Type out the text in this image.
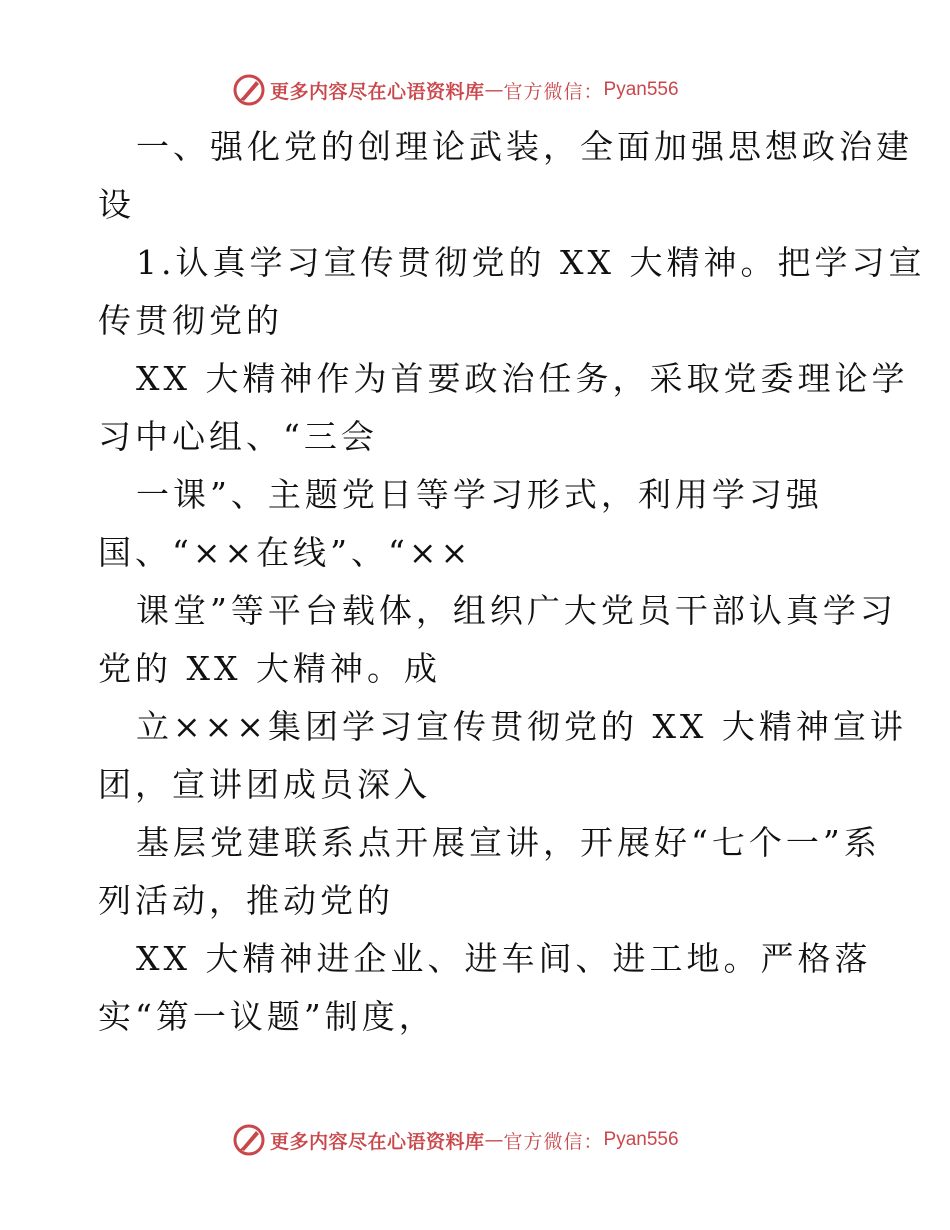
更多内容尽在心语资料库 — 官方微信： Pyan556
一、强化党的创理论武装，全面加强思想政治建
设
1.认真学习宣传贯彻党的 XX 大精神。把学习宣
传贯彻党的
XX 大精神作为首要政治任务，采取党委理论学
习中心组、“三会
一课”、主题党日等学习形式，利用学习强
国、“××在线”、“××
课堂”等平台载体，组织广大党员干部认真学习
党的 XX 大精神。成
立×××集团学习宣传贯彻党的 XX 大精神宣讲
团，宣讲团成员深入
基层党建联系点开展宣讲，开展好“七个一”系
列活动，推动党的
XX 大精神进企业、进车间、进工地。严格落
实“第一议题”制度，
更多内容尽在心语资料库 — 官方微信： Pyan556
